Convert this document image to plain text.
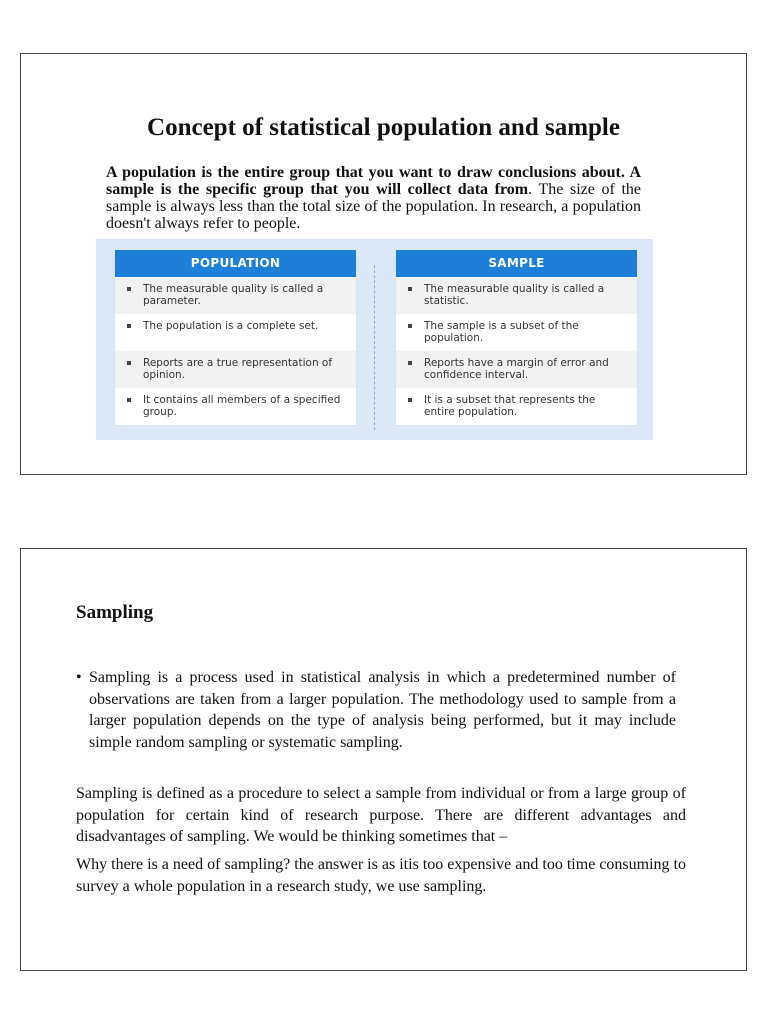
Concept of statistical population and sample

A population is the entire group that you want to draw conclusions about. A sample is the specific group that you will collect data from. The size of the sample is always less than the total size of the population. In research, a population doesn't always refer to people.

POPULATION
The measurable quality is called a parameter.
The population is a complete set.
Reports are a true representation of opinion.
It contains all members of a specified group.
SAMPLE
The measurable quality is called a statistic.
The sample is a subset of the population.
Reports have a margin of error and confidence interval.
It is a subset that represents the entire population.
Sampling
• Sampling is a process used in statistical analysis in which a predetermined number of observations are taken from a larger population. The methodology used to sample from a larger population depends on the type of analysis being performed, but it may include simple random sampling or systematic sampling.

Sampling is defined as a procedure to select a sample from individual or from a large group of population for certain kind of research purpose. There are different advantages and disadvantages of sampling. We would be thinking sometimes that –

Why there is a need of sampling? the answer is as itis too expensive and too time consuming to survey a whole population in a research study, we use sampling.
